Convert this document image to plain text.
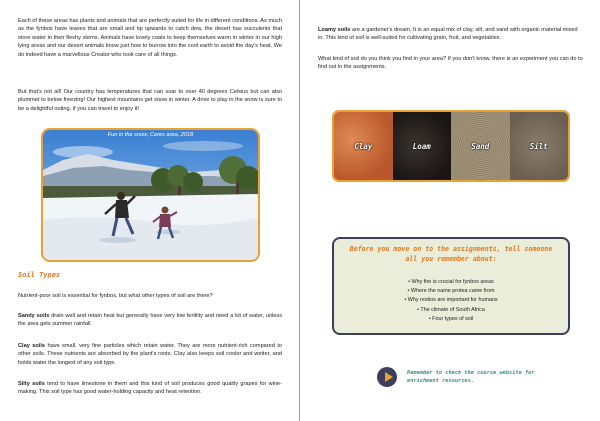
Each of these areas has plants and animals that are perfectly suited for life in different conditions. As much as the fynbos have leaves that are small and tip upwards to catch dew, the desert has succulents that store water in their fleshy stems. Animals have lovely coats to keep themselves warm in winter in our high lying areas and our desert animals know just how to burrow into the cool earth to avoid the day's heat. We do indeed have a marvellous Creator who took care of all things.

But that's not all! Our country has temperatures that can soar to over 40 degrees Celsius but can also plummet to below freezing! Our highest mountains get snow in winter. A drive to play in the snow is sure to be a delightful outing, if you can travel to enjoy it!

Fun in the snow, Ceres area, 2018
Soil Types

Nutrient-poor soil is essential for fynbos, but what other types of soil are there?

Sandy soils drain well and retain heat but generally have very low fertility and need a lot of water, unless the area gets summer rainfall.

Clay soils have small, very fine particles which retain water. They are more nutrient-rich compared to other soils. These nutrients are absorbed by the plant's roots. Clay also keeps soil cooler and wetter, and holds water the longest of any soil type.

Silty soils tend to have limestone in them and this kind of soil produces good quality grapes for wine-making. This soil type has good water-holding capacity and heat retention.

Loamy soils are a gardener's dream. It is an equal mix of clay, silt, and sand with organic material mixed in. This kind of soil is well-suited for cultivating grain, fruit, and vegetables.

What kind of soil do you think you find in your area? If you don't know, there is an experiment you can do to find out in the assignments.

Clay	Loam	Sand	Silt
Before you move on to the assignments, tell someone all you remember about:
• Why fire is crucial for fynbos areas
• Where the name protea came from
• Why restios are important for humans
• The climate of South Africa
• Four types of soil
Remember to check the course website for enrichment resources.
